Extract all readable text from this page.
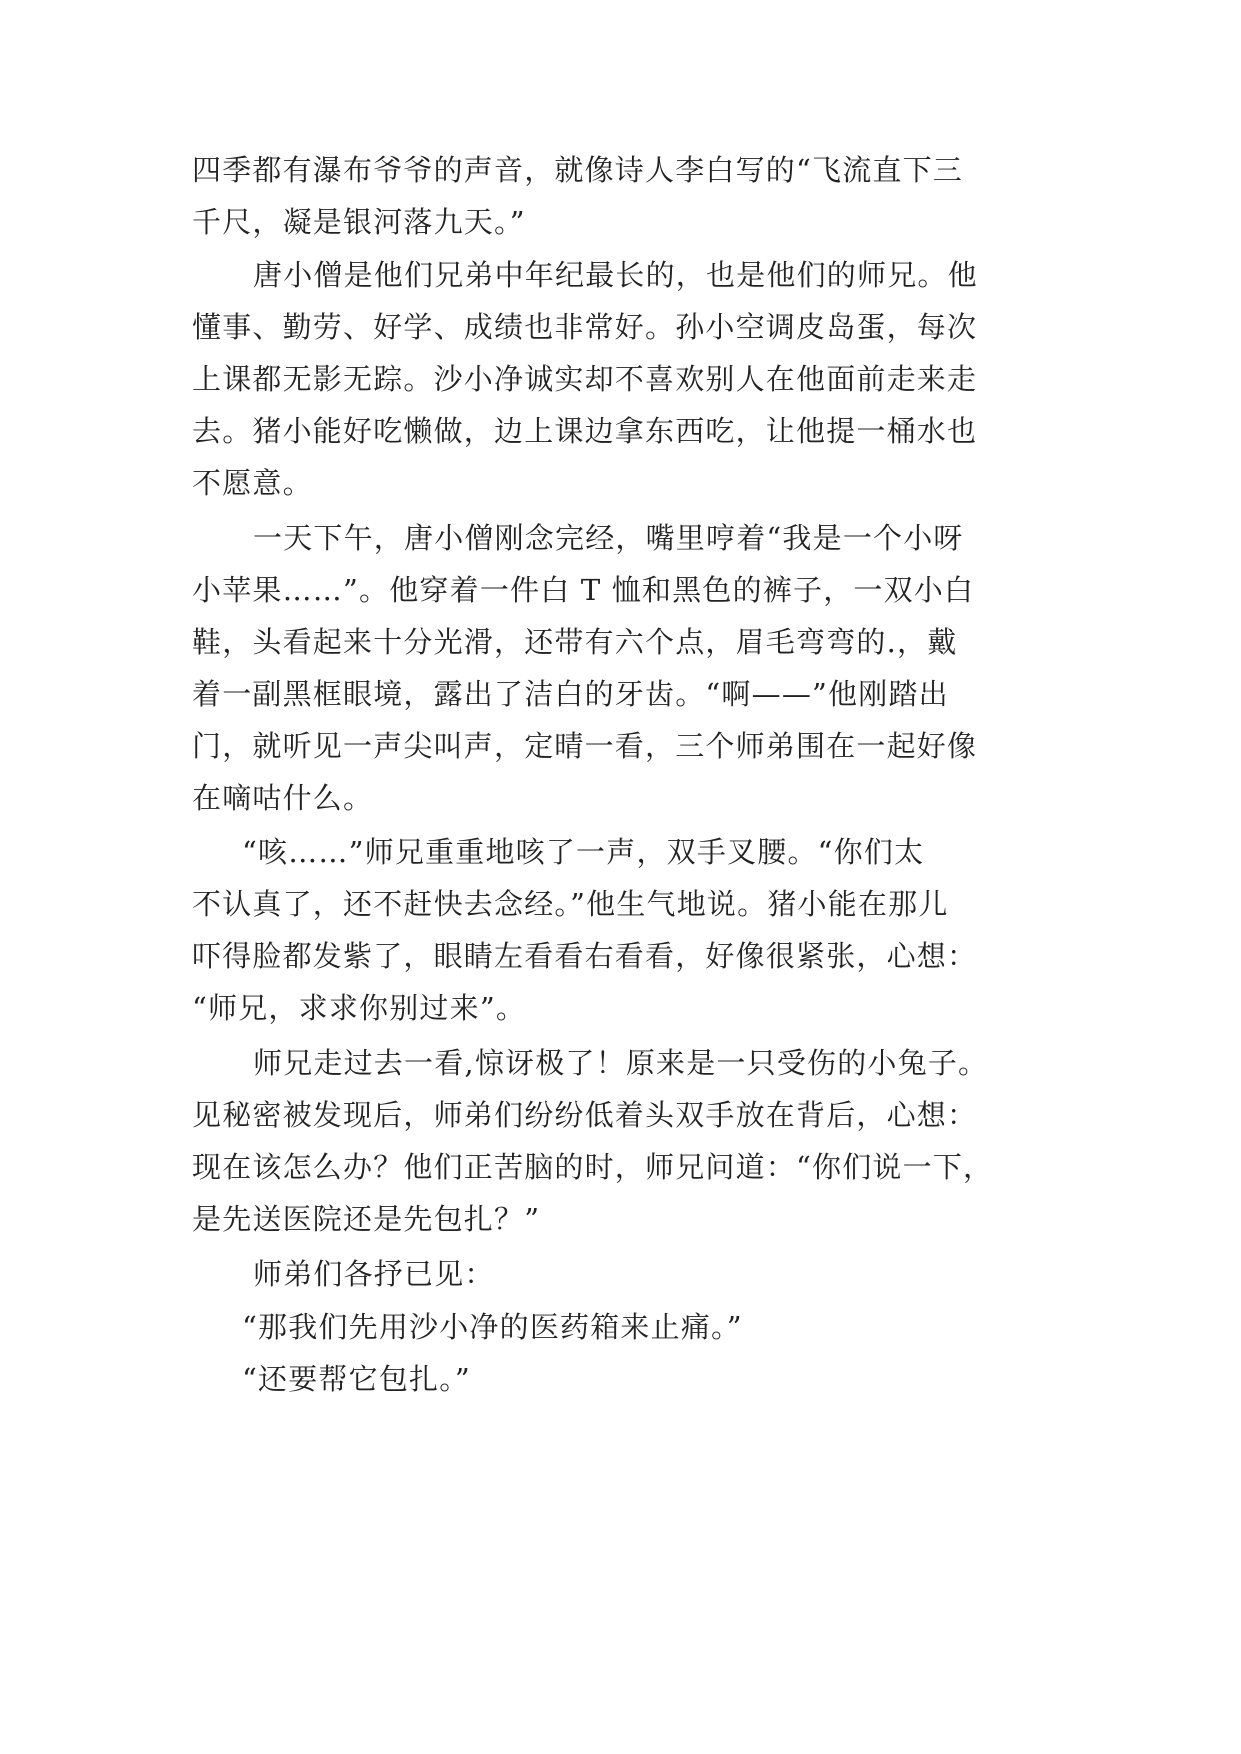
四季都有瀑布爷爷的声音，就像诗人李白写的“飞流直下三

千尺，凝是银河落九天。”

唐小僧是他们兄弟中年纪最长的，也是他们的师兄。他

懂事、勤劳、好学、成绩也非常好。孙小空调皮岛蛋，每次

上课都无影无踪。沙小净诚实却不喜欢别人在他面前走来走

去。猪小能好吃懒做，边上课边拿东西吃，让他提一桶水也

不愿意。

一天下午，唐小僧刚念完经，嘴里哼着“我是一个小呀

小苹果……”。他穿着一件白 T 恤和黑色的裤子，一双小白

鞋，头看起来十分光滑，还带有六个点，眉毛弯弯的.，戴

着一副黑框眼境，露出了洁白的牙齿。“啊——”他刚踏出

门，就听见一声尖叫声，定晴一看，三个师弟围在一起好像

在嘀咕什么。

“咳……”师兄重重地咳了一声，双手叉腰。“你们太

不认真了，还不赶快去念经。”他生气地说。猪小能在那儿

吓得脸都发紫了，眼睛左看看右看看，好像很紧张，心想：

“师兄，求求你别过来”。

师兄走过去一看,惊讶极了！原来是一只受伤的小兔子。

见秘密被发现后，师弟们纷纷低着头双手放在背后，心想：

现在该怎么办？他们正苦脑的时，师兄问道：“你们说一下，

是先送医院还是先包扎？”

师弟们各抒已见：

“那我们先用沙小净的医药箱来止痛。”

“还要帮它包扎。”
